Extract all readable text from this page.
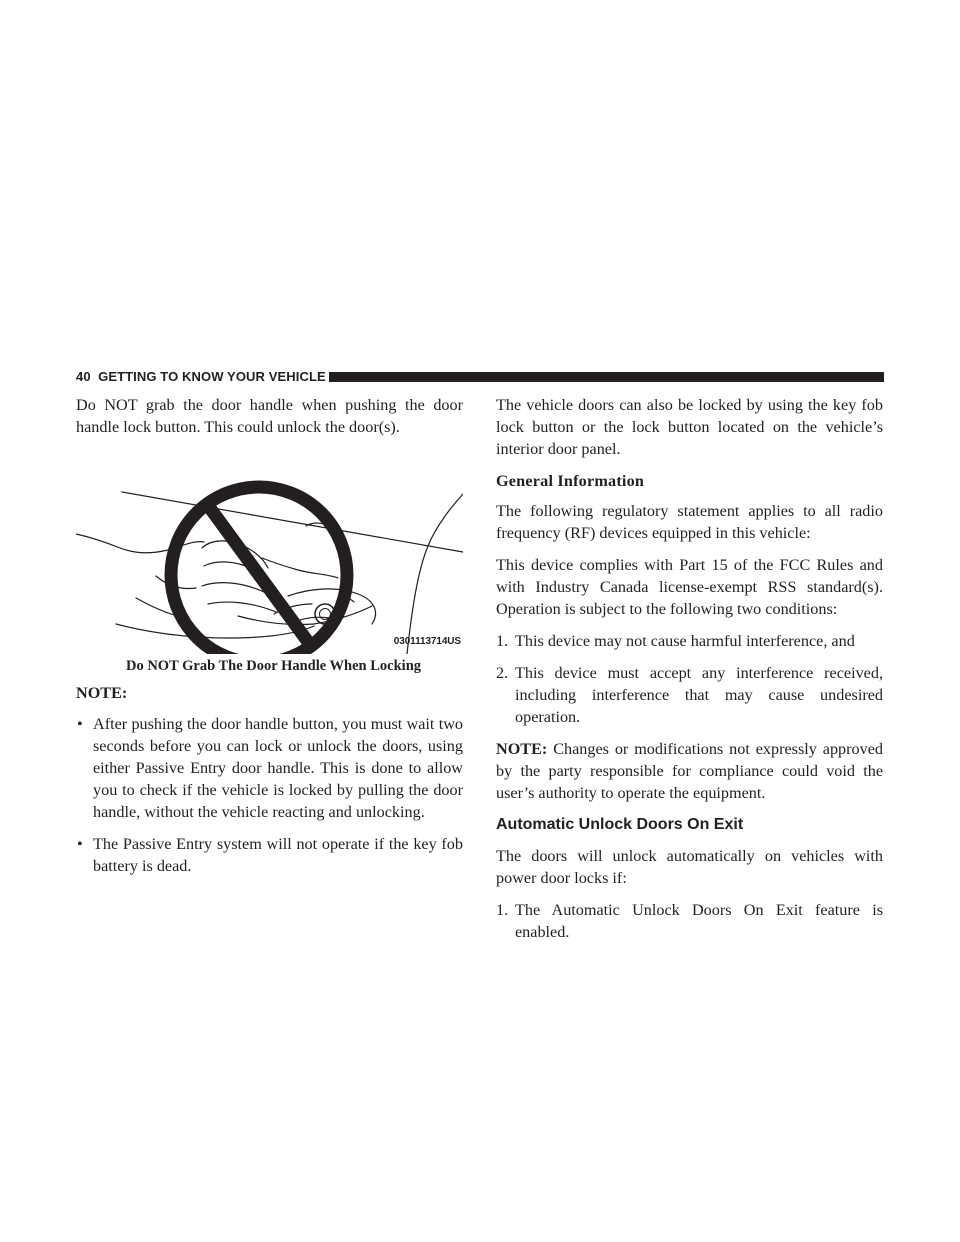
40 GETTING TO KNOW YOUR VEHICLE

Do NOT grab the door handle when pushing the door handle lock button. This could unlock the door(s).

0301113714US
Do NOT Grab The Door Handle When Locking
NOTE:
• After pushing the door handle button, you must wait two seconds before you can lock or unlock the doors, using either Passive Entry door handle. This is done to allow you to check if the vehicle is locked by pulling the door handle, without the vehicle reacting and unlocking.
• The Passive Entry system will not operate if the key fob battery is dead.

The vehicle doors can also be locked by using the key fob lock button or the lock button located on the vehicle’s interior door panel.

General Information

The following regulatory statement applies to all radio frequency (RF) devices equipped in this vehicle:

This device complies with Part 15 of the FCC Rules and with Industry Canada license-exempt RSS standard(s). Operation is subject to the following two conditions:

1. This device may not cause harmful interference, and
2. This device must accept any interference received, including interference that may cause undesired operation.

NOTE: Changes or modifications not expressly approved by the party responsible for compliance could void the user’s authority to operate the equipment.

Automatic Unlock Doors On Exit

The doors will unlock automatically on vehicles with power door locks if:

1. The Automatic Unlock Doors On Exit feature is enabled.
